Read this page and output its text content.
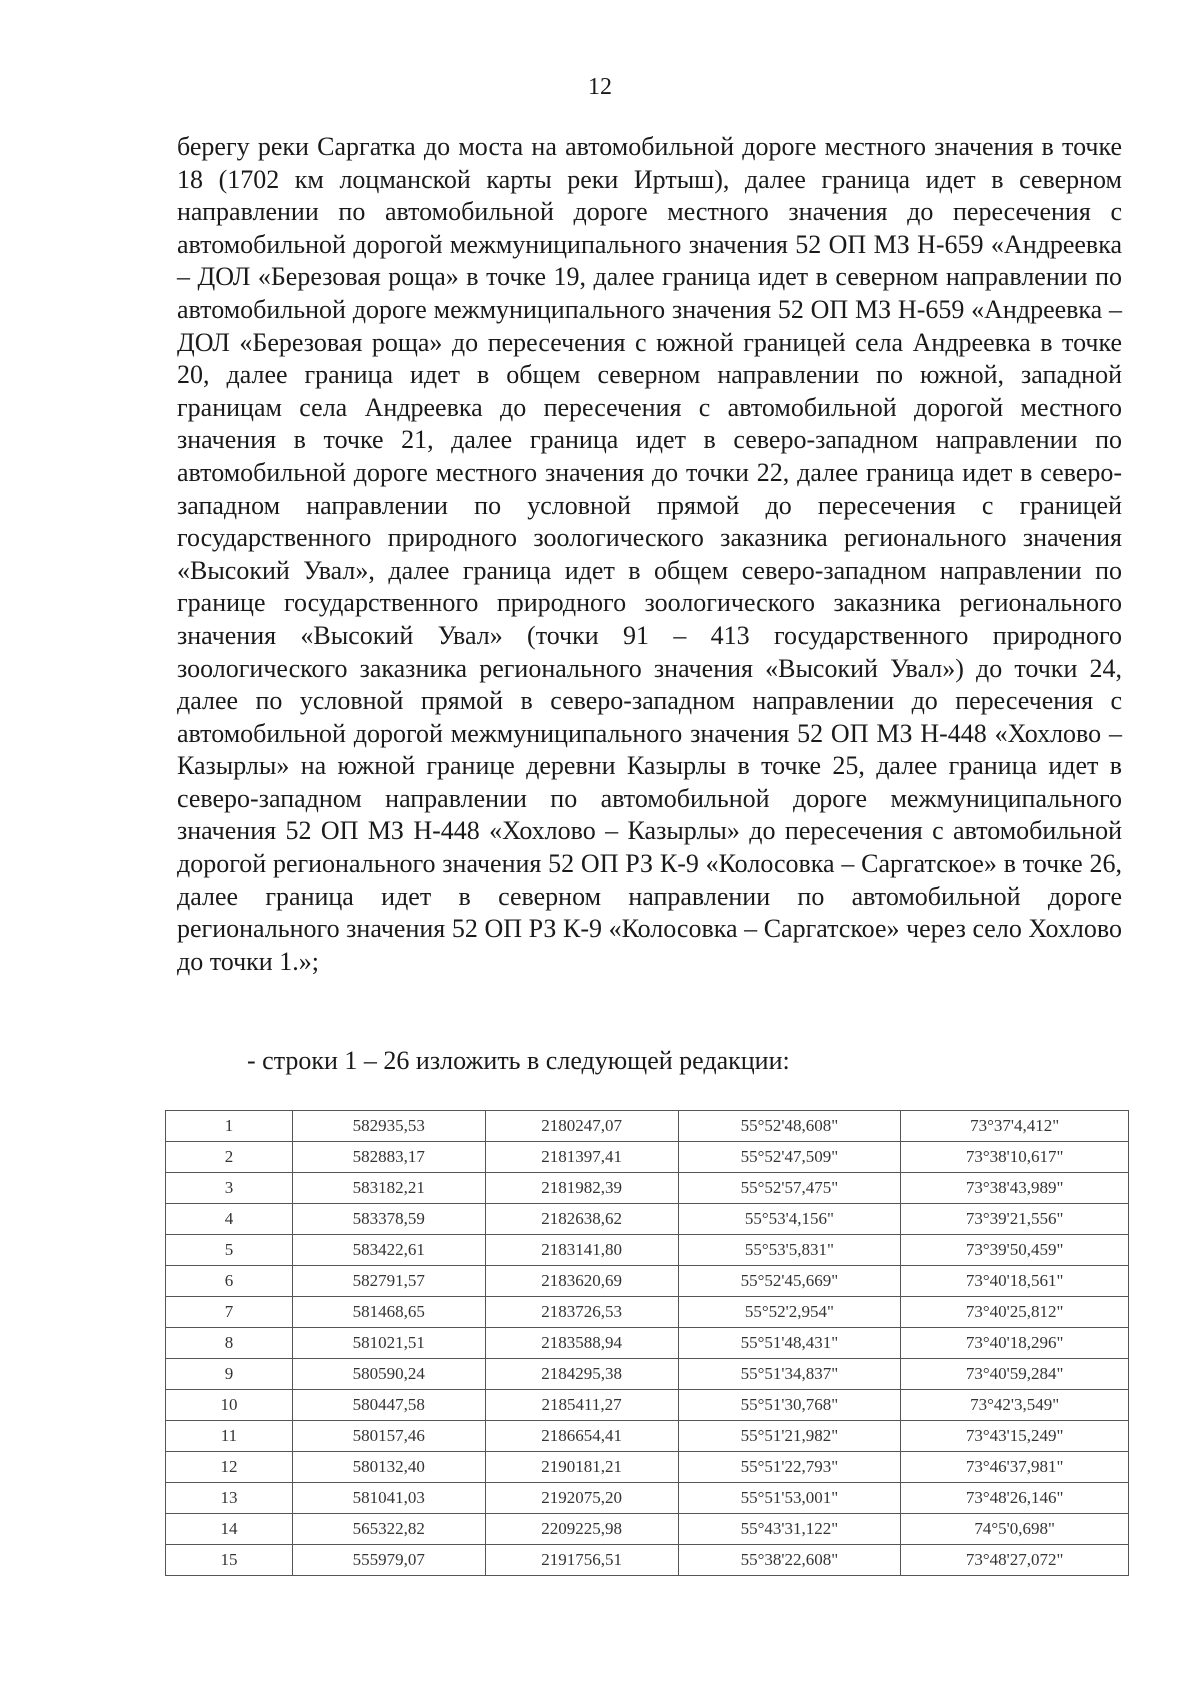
12

берегу реки Саргатка до моста на автомобильной дороге местного значения в точке 18 (1702 км лоцманской карты реки Иртыш), далее граница идет в северном направлении по автомобильной дороге местного значения до пересечения с автомобильной дорогой межмуниципального значения 52 ОП МЗ Н-659 «Андреевка – ДОЛ «Березовая роща» в точке 19, далее граница идет в северном направлении по автомобильной дороге межмуниципального значения 52 ОП МЗ Н-659 «Андреевка – ДОЛ «Березовая роща» до пересечения с южной границей села Андреевка в точке 20, далее граница идет в общем северном направлении по южной, западной границам села Андреевка до пересечения с автомобильной дорогой местного значения в точке 21, далее граница идет в северо-западном направлении по автомобильной дороге местного значения до точки 22, далее граница идет в северо-западном направлении по условной прямой до пересечения с границей государственного природного зоологического заказника регионального значения «Высокий Увал», далее граница идет в общем северо-западном направлении по границе государственного природного зоологического заказника регионального значения «Высокий Увал» (точки 91 – 413 государственного природного зоологического заказника регионального значения «Высокий Увал») до точки 24, далее по условной прямой в северо-западном направлении до пересечения с автомобильной дорогой межмуниципального значения 52 ОП МЗ Н-448 «Хохлово – Казырлы» на южной границе деревни Казырлы в точке 25, далее граница идет в северо-западном направлении по автомобильной дороге межмуниципального значения 52 ОП МЗ Н-448 «Хохлово – Казырлы» до пересечения с автомобильной дорогой регионального значения 52 ОП РЗ К-9 «Колосовка – Саргатское» в точке 26, далее граница идет в северном направлении по автомобильной дороге регионального значения 52 ОП РЗ К-9 «Колосовка – Саргатское» через село Хохлово до точки 1.»;

- строки 1 – 26 изложить в следующей редакции:
1	582935,53	2180247,07	55°52'48,608"	73°37'4,412"
2	582883,17	2181397,41	55°52'47,509"	73°38'10,617"
3	583182,21	2181982,39	55°52'57,475"	73°38'43,989"
4	583378,59	2182638,62	55°53'4,156"	73°39'21,556"
5	583422,61	2183141,80	55°53'5,831"	73°39'50,459"
6	582791,57	2183620,69	55°52'45,669"	73°40'18,561"
7	581468,65	2183726,53	55°52'2,954"	73°40'25,812"
8	581021,51	2183588,94	55°51'48,431"	73°40'18,296"
9	580590,24	2184295,38	55°51'34,837"	73°40'59,284"
10	580447,58	2185411,27	55°51'30,768"	73°42'3,549"
11	580157,46	2186654,41	55°51'21,982"	73°43'15,249"
12	580132,40	2190181,21	55°51'22,793"	73°46'37,981"
13	581041,03	2192075,20	55°51'53,001"	73°48'26,146"
14	565322,82	2209225,98	55°43'31,122"	74°5'0,698"
15	555979,07	2191756,51	55°38'22,608"	73°48'27,072"
